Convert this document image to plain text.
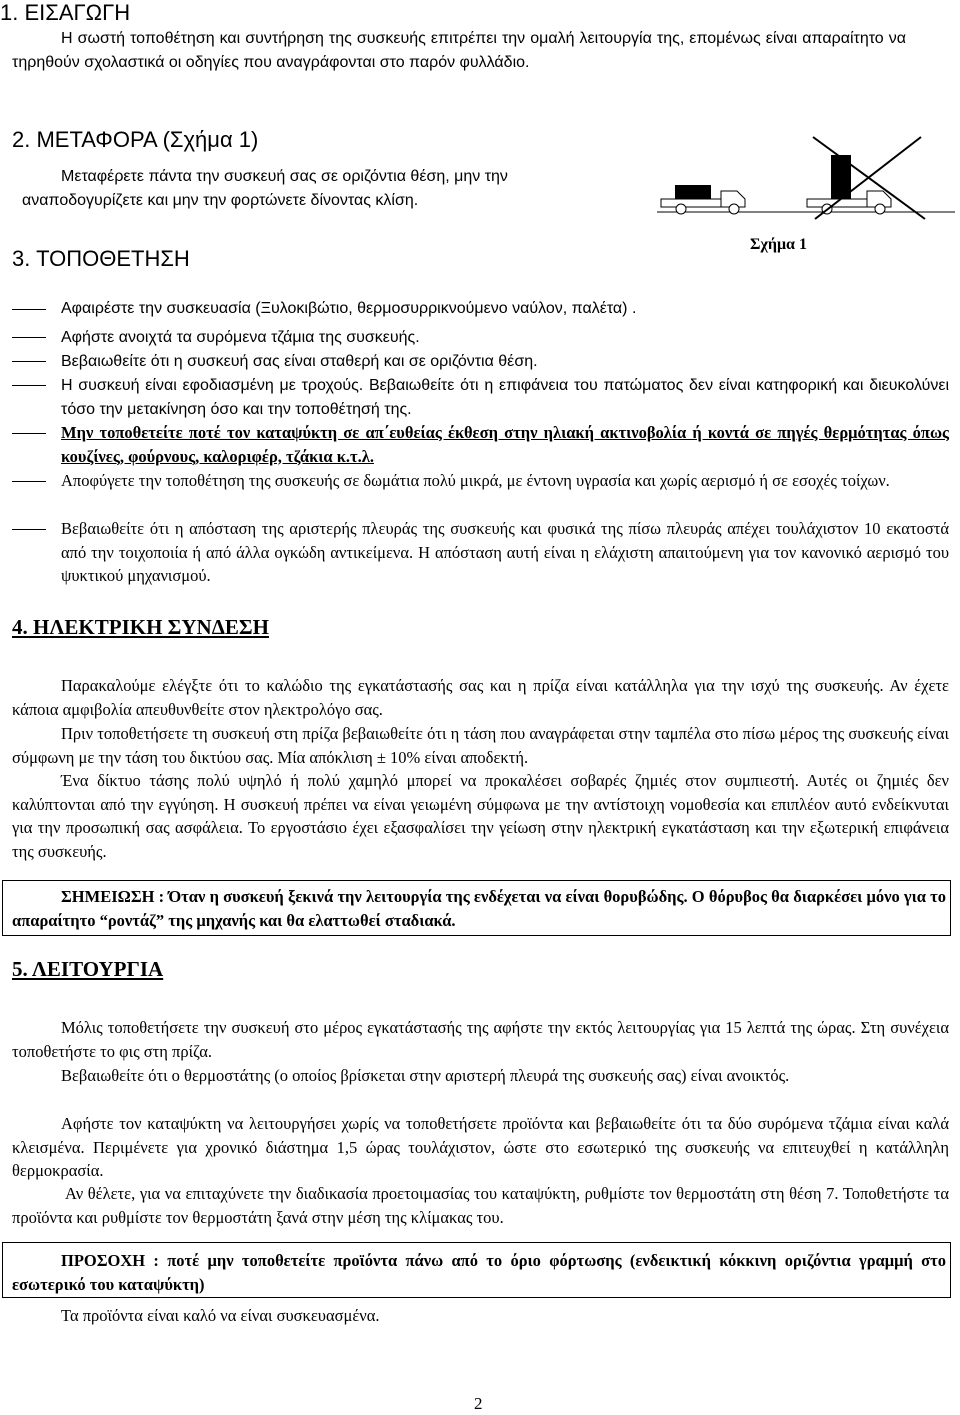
1. ΕΙΣΑΓΩΓΗ
Η σωστή τοποθέτηση και συντήρηση της συσκευής επιτρέπει την ομαλή λειτουργία της, επομένως είναι απαραίτητο να τηρηθούν σχολαστικά οι οδηγίες που αναγράφονται στο παρόν φυλλάδιο.
2. ΜΕΤΑΦΟΡΑ (Σχήμα 1)
Μεταφέρετε πάντα την συσκευή σας σε οριζόντια θέση, μην την
αναποδογυρίζετε και μην την φορτώνετε δίνοντας κλίση.
Σχήμα 1
3. ΤΟΠΟΘΕΤΗΣΗ
Αφαιρέστε την συσκευασία (Ξυλοκιβώτιο, θερμοσυρρικνούμενο ναύλον, παλέτα) .
Αφήστε ανοιχτά τα συρόμενα τζάμια της συσκευής.
Βεβαιωθείτε ότι η συσκευή σας είναι σταθερή και σε οριζόντια θέση.
Η συσκευή είναι εφοδιασμένη με τροχούς. Βεβαιωθείτε ότι η επιφάνεια του πατώματος δεν είναι κατηφορική και διευκολύνει τόσο την μετακίνηση όσο και την τοποθέτησή της.
Μην τοποθετείτε ποτέ τον καταψύκτη σε απ΄ευθείας έκθεση στην ηλιακή ακτινοβολία ή κοντά σε πηγές θερμότητας όπως κουζίνες, φούρνους, καλοριφέρ, τζάκια κ.τ.λ.
Αποφύγετε την τοποθέτηση της συσκευής σε δωμάτια πολύ μικρά, με έντονη υγρασία και χωρίς αερισμό ή σε εσοχές τοίχων.
Βεβαιωθείτε ότι η απόσταση της αριστερής πλευράς της συσκευής και φυσικά της πίσω πλευράς απέχει τουλάχιστον 10 εκατοστά από την τοιχοποιία ή από άλλα ογκώδη αντικείμενα. Η απόσταση αυτή είναι η ελάχιστη απαιτούμενη για τον κανονικό αερισμό του ψυκτικού μηχανισμού.
4. ΗΛΕΚΤΡΙΚΗ ΣΥΝΔΕΣΗ
Παρακαλούμε ελέγξτε ότι το καλώδιο της εγκατάστασής σας και η πρίζα είναι κατάλληλα για την ισχύ της συσκευής. Αν έχετε κάποια αμφιβολία απευθυνθείτε στον ηλεκτρολόγο σας.
Πριν τοποθετήσετε τη συσκευή στη πρίζα βεβαιωθείτε ότι η τάση που αναγράφεται στην ταμπέλα στο πίσω μέρος της συσκευής είναι σύμφωνη με την τάση του δικτύου σας. Μία απόκλιση ± 10% είναι αποδεκτή.
Ένα δίκτυο τάσης πολύ υψηλό ή πολύ χαμηλό μπορεί να προκαλέσει σοβαρές ζημιές στον συμπιεστή. Αυτές οι ζημιές δεν καλύπτονται από την εγγύηση. Η συσκευή πρέπει να είναι γειωμένη σύμφωνα με την αντίστοιχη νομοθεσία και επιπλέον αυτό ενδείκνυται για την προσωπική σας ασφάλεια. Το εργοστάσιο έχει εξασφαλίσει την γείωση στην ηλεκτρική εγκατάσταση και την εξωτερική επιφάνεια της συσκευής.
ΣΗΜΕΙΩΣΗ : Όταν η συσκευή ξεκινά την λειτουργία της ενδέχεται να είναι θορυβώδης. Ο θόρυβος θα διαρκέσει μόνο για το απαραίτητο “ροντάζ” της μηχανής και θα ελαττωθεί σταδιακά.
5. ΛΕΙΤΟΥΡΓΙΑ
Μόλις τοποθετήσετε την συσκευή στο μέρος εγκατάστασής της αφήστε την εκτός λειτουργίας για 15 λεπτά της ώρας. Στη συνέχεια τοποθετήστε το φις στη πρίζα.
Βεβαιωθείτε ότι ο θερμοστάτης (ο οποίος βρίσκεται στην αριστερή πλευρά της συσκευής σας) είναι ανοικτός.
Αφήστε τον καταψύκτη να λειτουργήσει χωρίς να τοποθετήσετε προϊόντα και βεβαιωθείτε ότι τα δύο συρόμενα τζάμια είναι καλά κλεισμένα. Περιμένετε για χρονικό διάστημα 1,5 ώρας τουλάχιστον, ώστε στο εσωτερικό της συσκευής να επιτευχθεί η κατάλληλη θερμοκρασία.
Αν θέλετε, για να επιταχύνετε την διαδικασία προετοιμασίας του καταψύκτη, ρυθμίστε τον θερμοστάτη στη θέση 7. Τοποθετήστε τα προϊόντα και ρυθμίστε τον θερμοστάτη ξανά στην μέση της κλίμακας του.
ΠΡΟΣΟΧΗ : ποτέ μην τοποθετείτε προϊόντα πάνω από το όριο φόρτωσης (ενδεικτική κόκκινη οριζόντια γραμμή στο εσωτερικό του καταψύκτη)
Τα προϊόντα είναι καλό να είναι συσκευασμένα.
2
